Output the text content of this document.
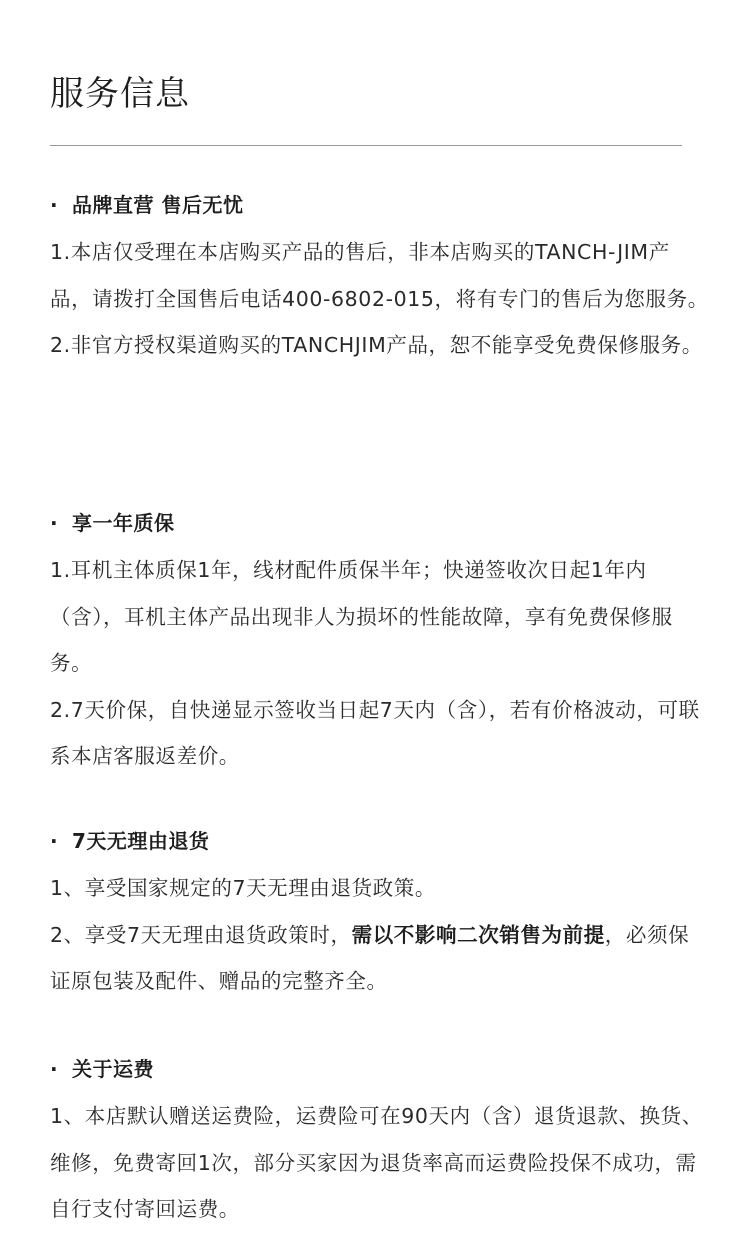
服务信息
· 品牌直营 售后无忧

1.本店仅受理在本店购买产品的售后，非本店购买的TANCH-JIM产品，请拨打全国售后电话400-6802-015，将有专门的售后为您服务。

2.非官方授权渠道购买的TANCHJIM产品，恕不能享受免费保修服务。

· 享一年质保

1.耳机主体质保1年，线材配件质保半年；快递签收次日起1年内（含），耳机主体产品出现非人为损坏的性能故障，享有免费保修服务。

2.7天价保，自快递显示签收当日起7天内（含），若有价格波动，可联系本店客服返差价。

· 7天无理由退货

1、享受国家规定的7天无理由退货政策。

2、享受7天无理由退货政策时，需以不影响二次销售为前提，必须保证原包装及配件、赠品的完整齐全。

· 关于运费

1、本店默认赠送运费险，运费险可在90天内（含）退货退款、换货、维修，免费寄回1次，部分买家因为退货率高而运费险投保不成功，需自行支付寄回运费。
